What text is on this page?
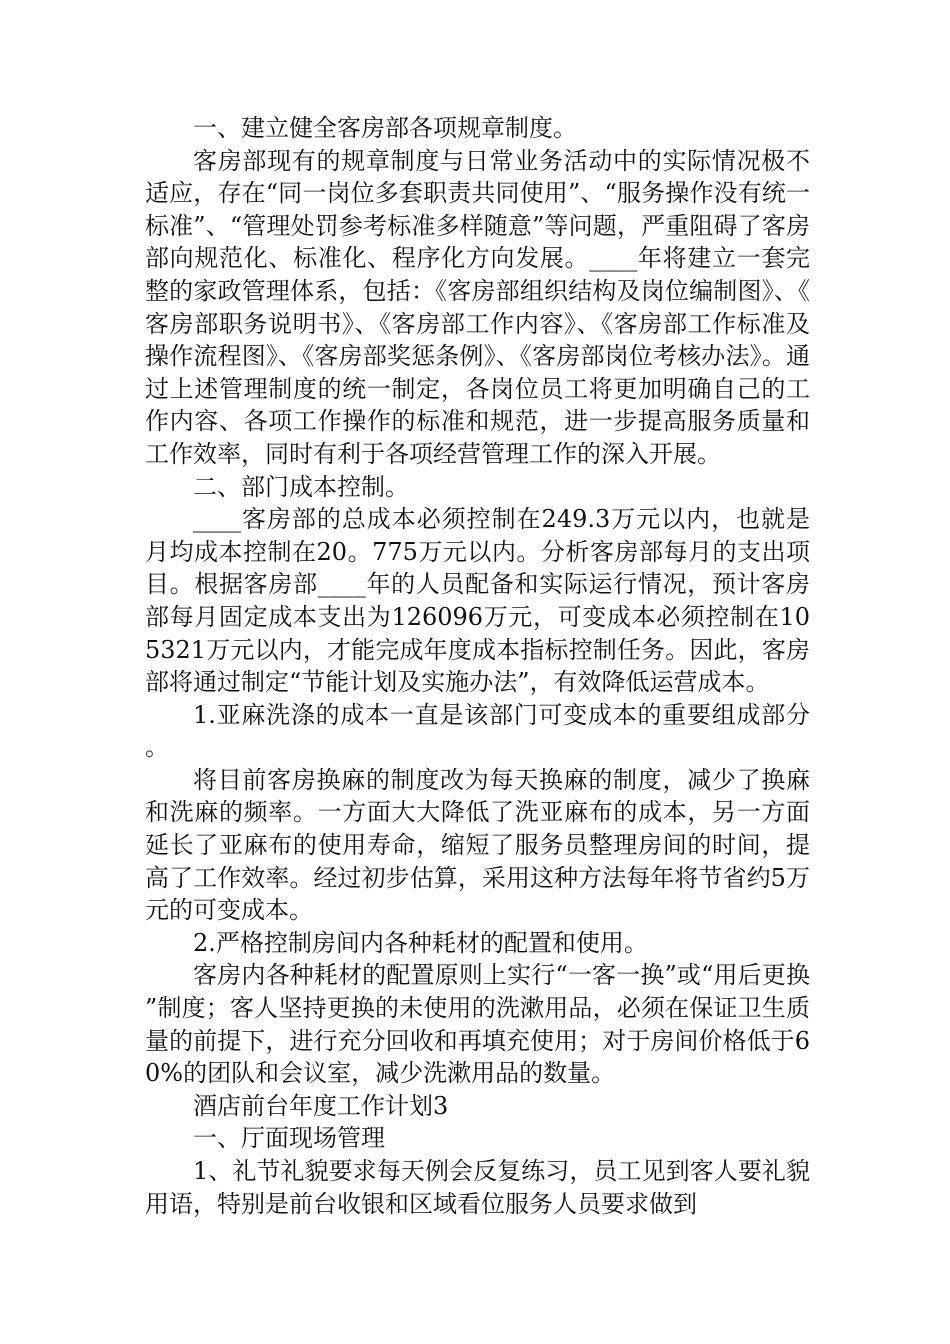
一、建立健全客房部各项规章制度。

客房部现有的规章制度与日常业务活动中的实际情况极不适应，存在“同一岗位多套职责共同使用”、“服务操作没有统一标准”、“管理处罚参考标准多样随意”等问题，严重阻碍了客房部向规范化、标准化、程序化方向发展。____年将建立一套完整的家政管理体系，包括：《客房部组织结构及岗位编制图》、《客房部职务说明书》、《客房部工作内容》、《客房部工作标准及操作流程图》、《客房部奖惩条例》、《客房部岗位考核办法》。通过上述管理制度的统一制定，各岗位员工将更加明确自己的工作内容、各项工作操作的标准和规范，进一步提高服务质量和工作效率，同时有利于各项经营管理工作的深入开展。

二、部门成本控制。

____客房部的总成本必须控制在249.3万元以内，也就是月均成本控制在20。775万元以内。分析客房部每月的支出项目。根据客房部____年的人员配备和实际运行情况，预计客房部每月固定成本支出为126096万元，可变成本必须控制在105321万元以内，才能完成年度成本指标控制任务。因此，客房部将通过制定“节能计划及实施办法”，有效降低运营成本。

1.亚麻洗涤的成本一直是该部门可变成本的重要组成部分。

将目前客房换麻的制度改为每天换麻的制度，减少了换麻和洗麻的频率。一方面大大降低了洗亚麻布的成本，另一方面延长了亚麻布的使用寿命，缩短了服务员整理房间的时间，提高了工作效率。经过初步估算，采用这种方法每年将节省约5万元的可变成本。

2.严格控制房间内各种耗材的配置和使用。

客房内各种耗材的配置原则上实行“一客一换”或“用后更换”制度；客人坚持更换的未使用的洗漱用品，必须在保证卫生质量的前提下，进行充分回收和再填充使用；对于房间价格低于60%的团队和会议室，减少洗漱用品的数量。

酒店前台年度工作计划3

一、厅面现场管理

1、礼节礼貌要求每天例会反复练习，员工见到客人要礼貌用语，特别是前台收银和区域看位服务人员要求做到
